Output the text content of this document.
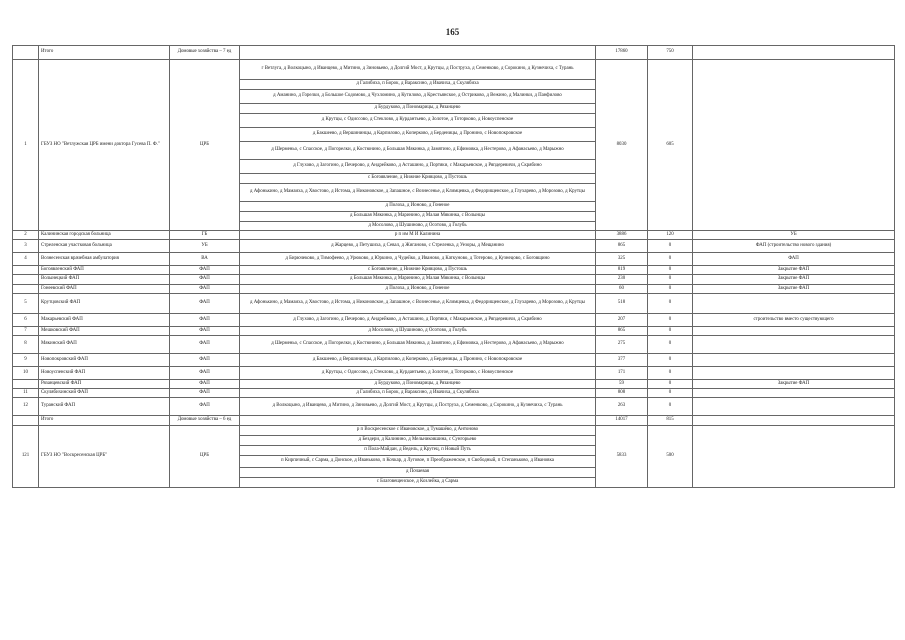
165
	Итого	Домовые хозяйства – 7 ед		17860	750	
1	ГБУЗ НО "Ветлужская ЦРБ имени доктора Гусева П. Ф."	ЦРБ	г Ветлуга, д Волкоцыно, д Иванцево, д Митино, д Зиновьево, д Долгий Мост, д Крутцы, д Поструха, д Семенково, д Сорокино, д Кузнечиха, с Турань	8030	605	
			д Галибиха, п Борок, д Вараксино, д Ивачиха, д Скулябиха			
			д Аманино, д Горелки, д Большое Содомово, д Чухломино, д Кутилово, д Крестьянское, д Остриково, д Вежино, д Малинки, д Панфилово			
			д Бурдуково, д Пономарицы, д Рязанцево			
			д Крутцы, с Одиссово, д Стеклово, д Курдантьево, д Золотое, д Тоторково, д Новоуспенское			
			д Бакшеево, д Вершининцы, д Карпилово, д Коперково, д Берденицы, д Пронино, с Новопокровское			
			д Шерменьо, с Спасское, д Погорелки, д Костюнино, д Большая Мякинка, д Замятино, д Ефимовка, д Нестерово, д Афанасьево, д Марыжно			
			д Глухово, д Загогино, д Печерово, д Андрейково, д Асташино, д Портяки, с Макарьевское, д Ряпдеревичи, д Скрябино			
			с Богоявление, д Нижние Кривцово, д Пустошь			
			д Афонькино, д Мамаиха, д Хвостово, д Истома, д Никоновское, д Запашное, с Вознесенье, д Климцевка, д Федорищенское, д Глухарево, д Морозово, д Крутцы			
			д Полоха, д Ионово, д Гоненое			
			д Большая Мякинка, д Маринино, д Малая Мякинка, с Волынцы			
			д Мосолово, д Шушиново, д Осотово, д Голубь			
2	Калининская городская больница	ГБ	р п им М И Калинина	3886	120	УБ
3	Стреленская участковая больница	УБ	д Жарцево, д Петушиха, д Севал, д Жиганово, с Стреленка, д Уезоры, д Мещанино	865	0	ФАП (строительство нового здания)
4	Вознесенская врачебная амбулатория	ВА	д Бирючеково, д Тимофеево, д Урюково, д Юркино, д Чудейко, д Иваново, д Каткуново, д Тотерово, д Кузнецово, с Боговщино	325	0	ФАП
	Богоявленский ФАП	ФАП	с Богоявление, д Нижние Кривцово, д Пустошь	819	0	Закрытие ФАП
	Волынецкий ФАП	ФАП	д Большая Мякинка, д Маринино, д Малая Мякинка, с Волынцы	230	0	Закрытие ФАП
	Гонеевский ФАП	ФАП	д Полоха, д Ионово, д Гоненое	60	0	Закрытие ФАП
5	Крутцовский ФАП	ФАП	д Афонькино, д Мамаиха, д Хвостово, д Истома, д Никоновское, д Запашное, с Вознесенье, д Климцевка, д Федорищенское, д Глухарево, д Морозово, д Крутцы	518	0	
6	Макарьевский ФАП	ФАП	д Глухово, д Загогино, д Печерово, д Андрейково, д Асташино, д Портяки, с Макарьевское, д Ряпдеревичи, д Скрябино	207	0	строительство вместо существующего
7	Мешковский ФАП	ФАП	д Мосолово, д Шушиново, д Осотово, д Голубь	865	0	
8	Мякинский ФАП	ФАП	д Шерменьо, с Спасское, д Погорелки, д Костюнино, д Большая Мякинка, д Замятино, д Ефимовка, д Нестерово, д Афанасьево, д Марыжно	275	0	
9	Новопокровский ФАП	ФАП	д Бакшеево, д Вершининцы, д Карпилово, д Коперково, д Берденицы, д Пронино, с Новопокровское	377	0	
10	Новоуспенский ФАП	ФАП	д Крутцы, с Одиссово, д Стеклово, д Курдантьево, д Золотое, д Тоторково, с Новоуспенское	171	0	
	Рязанцевский ФАП	ФАП	д Бурдуково, д Пономарицы, д Рязанцево	59	0	Закрытие ФАП
11	Скулябихинский ФАП	ФАП	д Галибиха, п Борок, д Вараксино, д Ивачиха, д Скулябиха	808	0	
12	Туранский ФАП	ФАП	д Волкоцыно, д Иванцево, д Митино, д Зиновьево, д Долгий Мост, д Крутцы, д Поструха, д Семенково, д Сорокино, д Кузнечиха, с Турань	263	0	
	Итого	Домовые хозяйства – 6 ед		14017	815	
121	ГБУЗ НО "Воскресенская ЦРБ"	ЦРБ	р п Воскресенское с Ивановское, д Тумашёво, д Антоново	5833	500	
			д Бездери, д Калинино, д Мельниковшина, с Сунгорьево			
			п Пола-Майдан, д Ведель, д Крутец, п Новый Путь			
			п Кирпичный, с Сарма, д Донское, д Иваньково, п Кочкар, д Луговое, п Преображенское, п Свободный, п Степаньково, д Ивановка			
			д Почаевая			
			с Благовещенское, д Козлейка, д Сарма			
